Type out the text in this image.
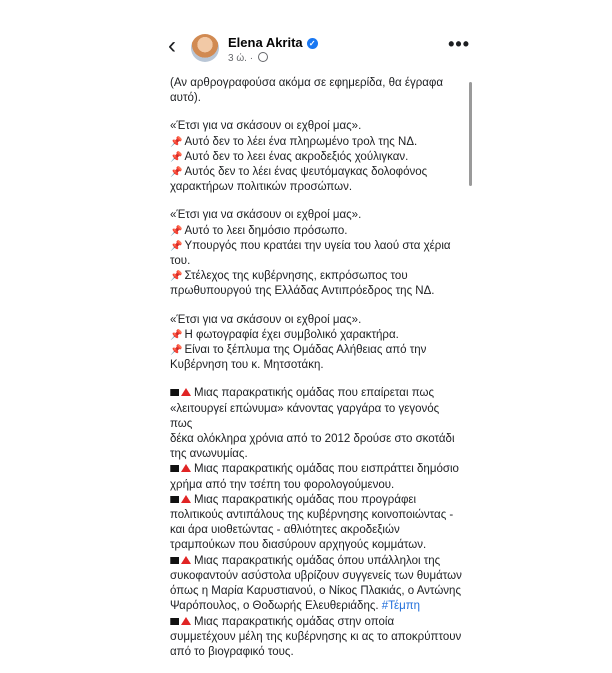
‹	Elena Akrita ✓
3 ώ. ·
•••
(Αν αρθρογραφούσα ακόμα σε εφημερίδα, θα έγραφα
αυτό).
«Έτσι για να σκάσουν οι εχθροί μας».
📌 Αυτό δεν το λέει ένα πληρωμένο τρολ της ΝΔ.
📌 Αυτό δεν το λεει ένας ακροδεξιός χούλιγκαν.
📌 Αυτός δεν το λέει ένας ψευτόμαγκας δολοφόνος
χαρακτήρων πολιτικών προσώπων.
«Έτσι για να σκάσουν οι εχθροί μας».
📌 Αυτό το λεει δημόσιο πρόσωπο.
📌 Υπουργός που κρατάει την υγεία του λαού στα χέρια
του.
📌 Στέλεχος της κυβέρνησης, εκπρόσωπος του
πρωθυπουργού της Ελλάδας Αντιπρόεδρος της ΝΔ.
«Έτσι για να σκάσουν οι εχθροί μας».
📌 Η φωτογραφία έχει συμβολικό χαρακτήρα.
📌 Είναι το ξέπλυμα της Ομάδας Αλήθειας από την
Κυβέρνηση του κ. Μητσοτάκη.
Μιας παρακρατικής ομάδας που επαίρεται πως
«λειτουργεί επώνυμα» κάνοντας γαργάρα το γεγονός πως
δέκα ολόκληρα χρόνια από το 2012 δρούσε στο σκοτάδι
της ανωνυμίας.
Μιας παρακρατικής ομάδας που εισπράττει δημόσιο
χρήμα από την τσέπη του φορολογούμενου.
Μιας παρακρατικής ομάδας που προγράφει
πολιτικούς αντιπάλους της κυβέρνησης κοινοποιώντας -
και άρα υιοθετώντας - αθλιότητες ακροδεξιών
τραμπούκων που διασύρουν αρχηγούς κομμάτων.
Μιας παρακρατικής ομάδας όπου υπάλληλοι της
συκοφαντούν ασύστολα υβρίζουν συγγενείς των θυμάτων
όπως η Μαρία Καρυστιανού, ο Νίκος Πλακιάς, ο Αντώνης
Ψαρόπουλος, ο Θοδωρής Ελευθεριάδης. #Τέμπη
Μιας παρακρατικής ομάδας στην οποία
συμμετέχουν μέλη της κυβέρνησης κι ας το αποκρύπτουν
από το βιογραφικό τους.
